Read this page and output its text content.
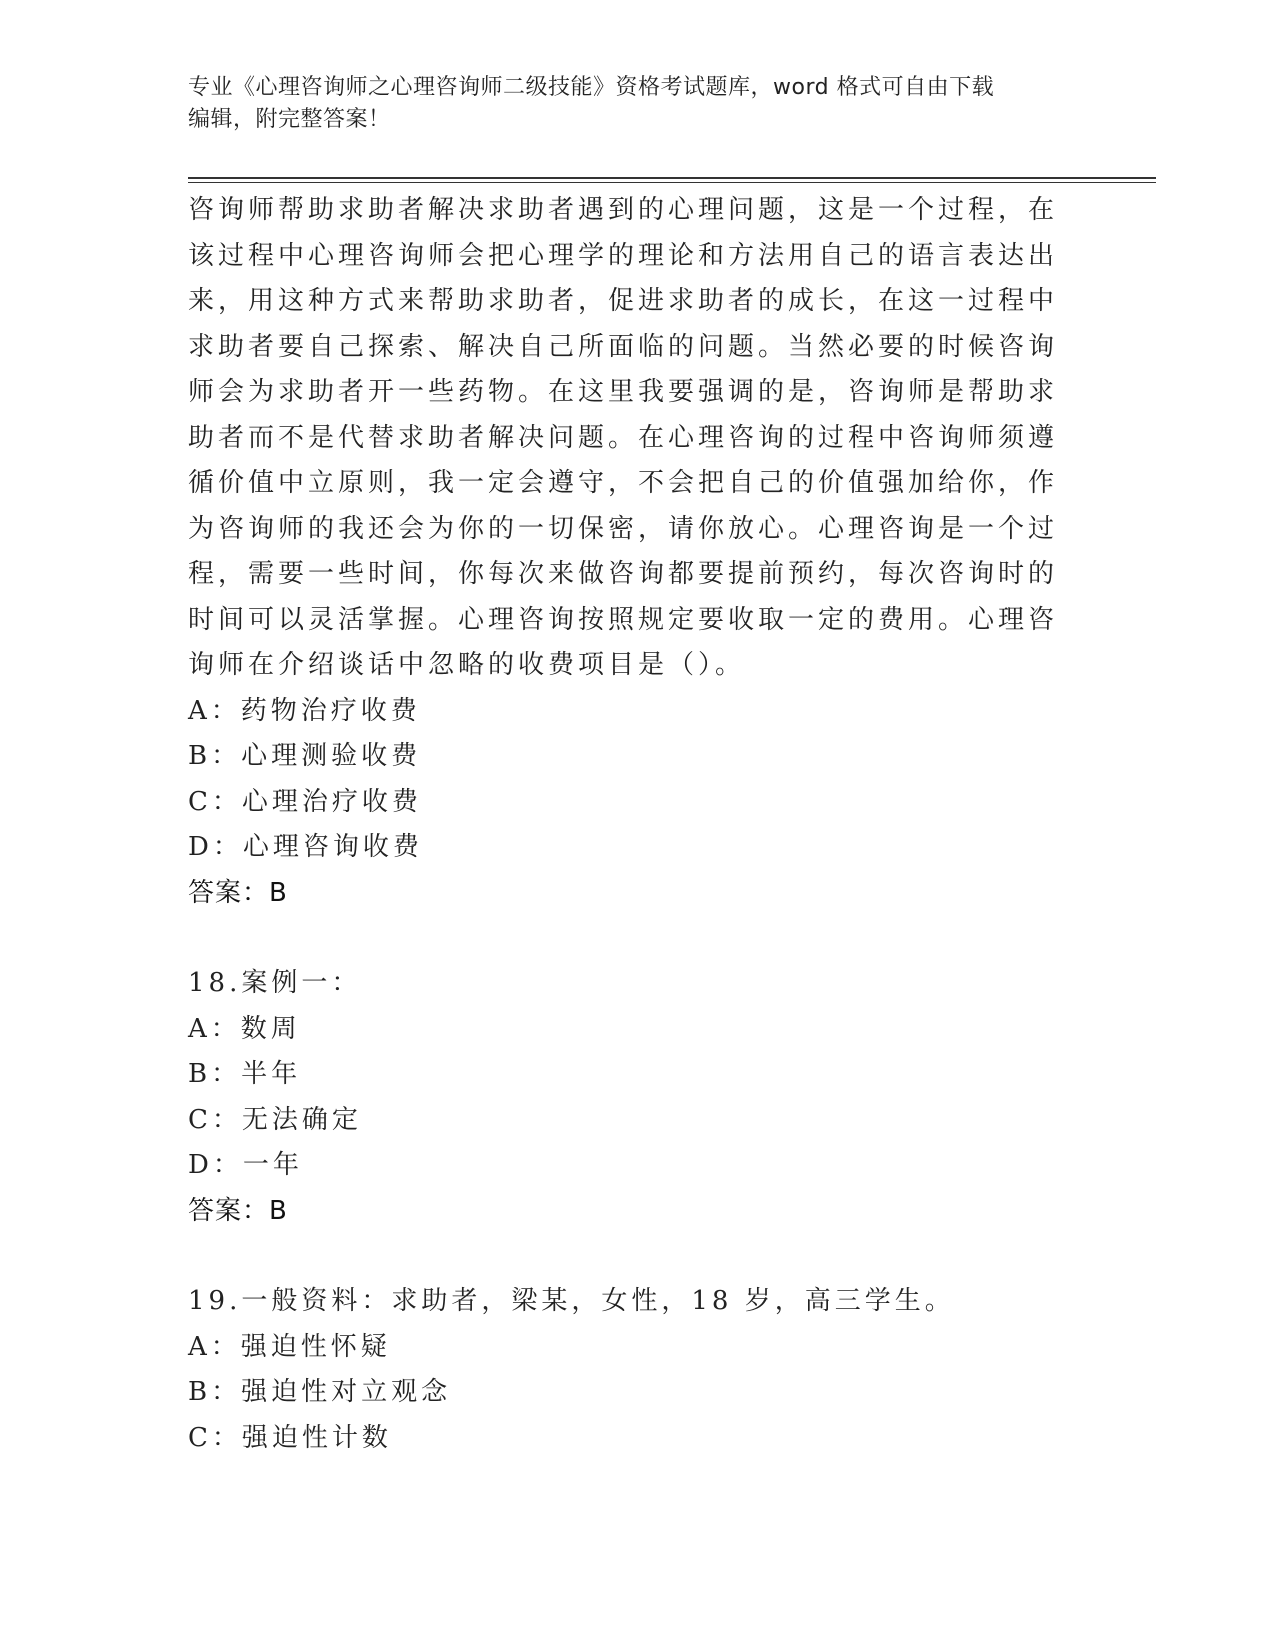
专业《心理咨询师之心理咨询师二级技能》资格考试题库，word 格式可自由下载
编辑，附完整答案！

咨询师帮助求助者解决求助者遇到的心理问题，这是一个过程，在该过程中心理咨询师会把心理学的理论和方法用自己的语言表达出来，用这种方式来帮助求助者，促进求助者的成长，在这一过程中求助者要自己探索、解决自己所面临的问题。当然必要的时候咨询师会为求助者开一些药物。在这里我要强调的是，咨询师是帮助求助者而不是代替求助者解决问题。在心理咨询的过程中咨询师须遵循价值中立原则，我一定会遵守，不会把自己的价值强加给你，作为咨询师的我还会为你的一切保密，请你放心。心理咨询是一个过程，需要一些时间，你每次来做咨询都要提前预约，每次咨询时的时间可以灵活掌握。心理咨询按照规定要收取一定的费用。心理咨询师在介绍谈话中忽略的收费项目是（）。

A：药物治疗收费

B：心理测验收费

C：心理治疗收费

D：心理咨询收费

答案：B

18.案例一：

A：数周

B：半年

C：无法确定

D：一年

答案：B

19.一般资料：求助者，梁某，女性，18 岁，高三学生。

A：强迫性怀疑

B：强迫性对立观念

C：强迫性计数
